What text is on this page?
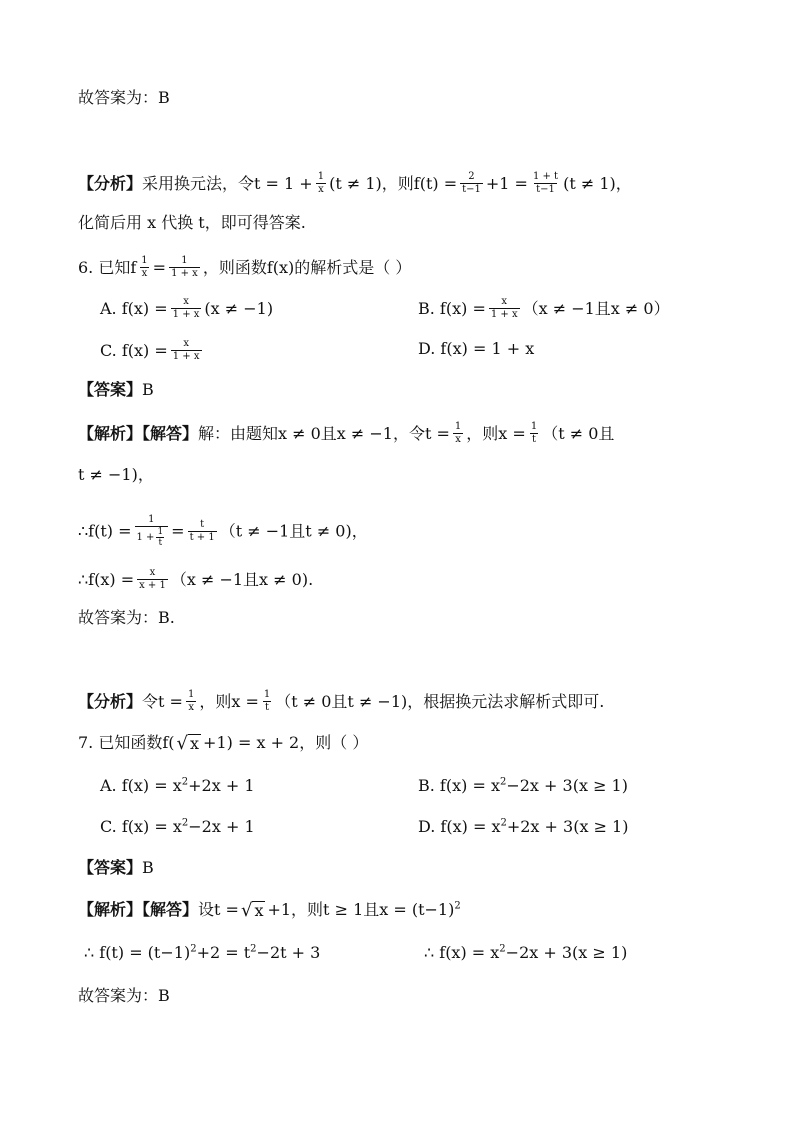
故答案为：B
【分析】采用换元法，令$t = 1 + \frac{1}{x} (t \ne 1)$，则$f(t) = \frac{2}{t-1} +1 = \frac{1 + t}{t-1} (t \ne 1)$，
化简后用 x 代换 t，即可得答案.
6. 已知f $\frac{1}{x} = \frac{1}{1 + x}$ ，则函数f(x)的解析式是（ ）
A. $f(x) = \frac{x}{1 + x} (x \ne -1)$	B. $f(x) = \frac{x}{1 + x} (x \ne -1$且x ≠ 0）
C. $f(x) = \frac{x}{1 + x}$	D. f(x) = 1 + x
【答案】B
【解析】【解答】解：由题知x ≠ 0且x ≠ −1，令$t = \frac{1}{x}$ ，则$x = \frac{1}{t} (t \ne 0$且
t ≠ −1)，
∴f(t) = $\frac{1}{1 + \frac{1}{t}} = \frac{t}{t + 1} (t \ne -1$且t ≠ 0)，
∴f(x) = $\frac{x}{x + 1} (x \ne -1$且x ≠ 0).
故答案为：B.
【分析】令$t = \frac{1}{x}$ ，则$x = \frac{1}{t} (t \ne 0$且t ≠ −1)，根据换元法求解析式即可.
7. 已知函数f( √ x +1) = x + 2，则（ ）
A. $f(x) = x^2+2x + 1$	B. $f(x) = x^2-2x + 3(x \ge 1)$
C. $f(x) = x^2-2x + 1$	D. $f(x) = x^2+2x + 3(x \ge 1)$
【答案】B
【解析】【解答】设t = √ x +1，则t ≥ 1且$x = (t-1)^2$
∴ $f(t) = (t-1)^2+2 = t^2-2t + 3$	∴ $f(x) = x^2-2x + 3(x \ge 1)$
故答案为：B
